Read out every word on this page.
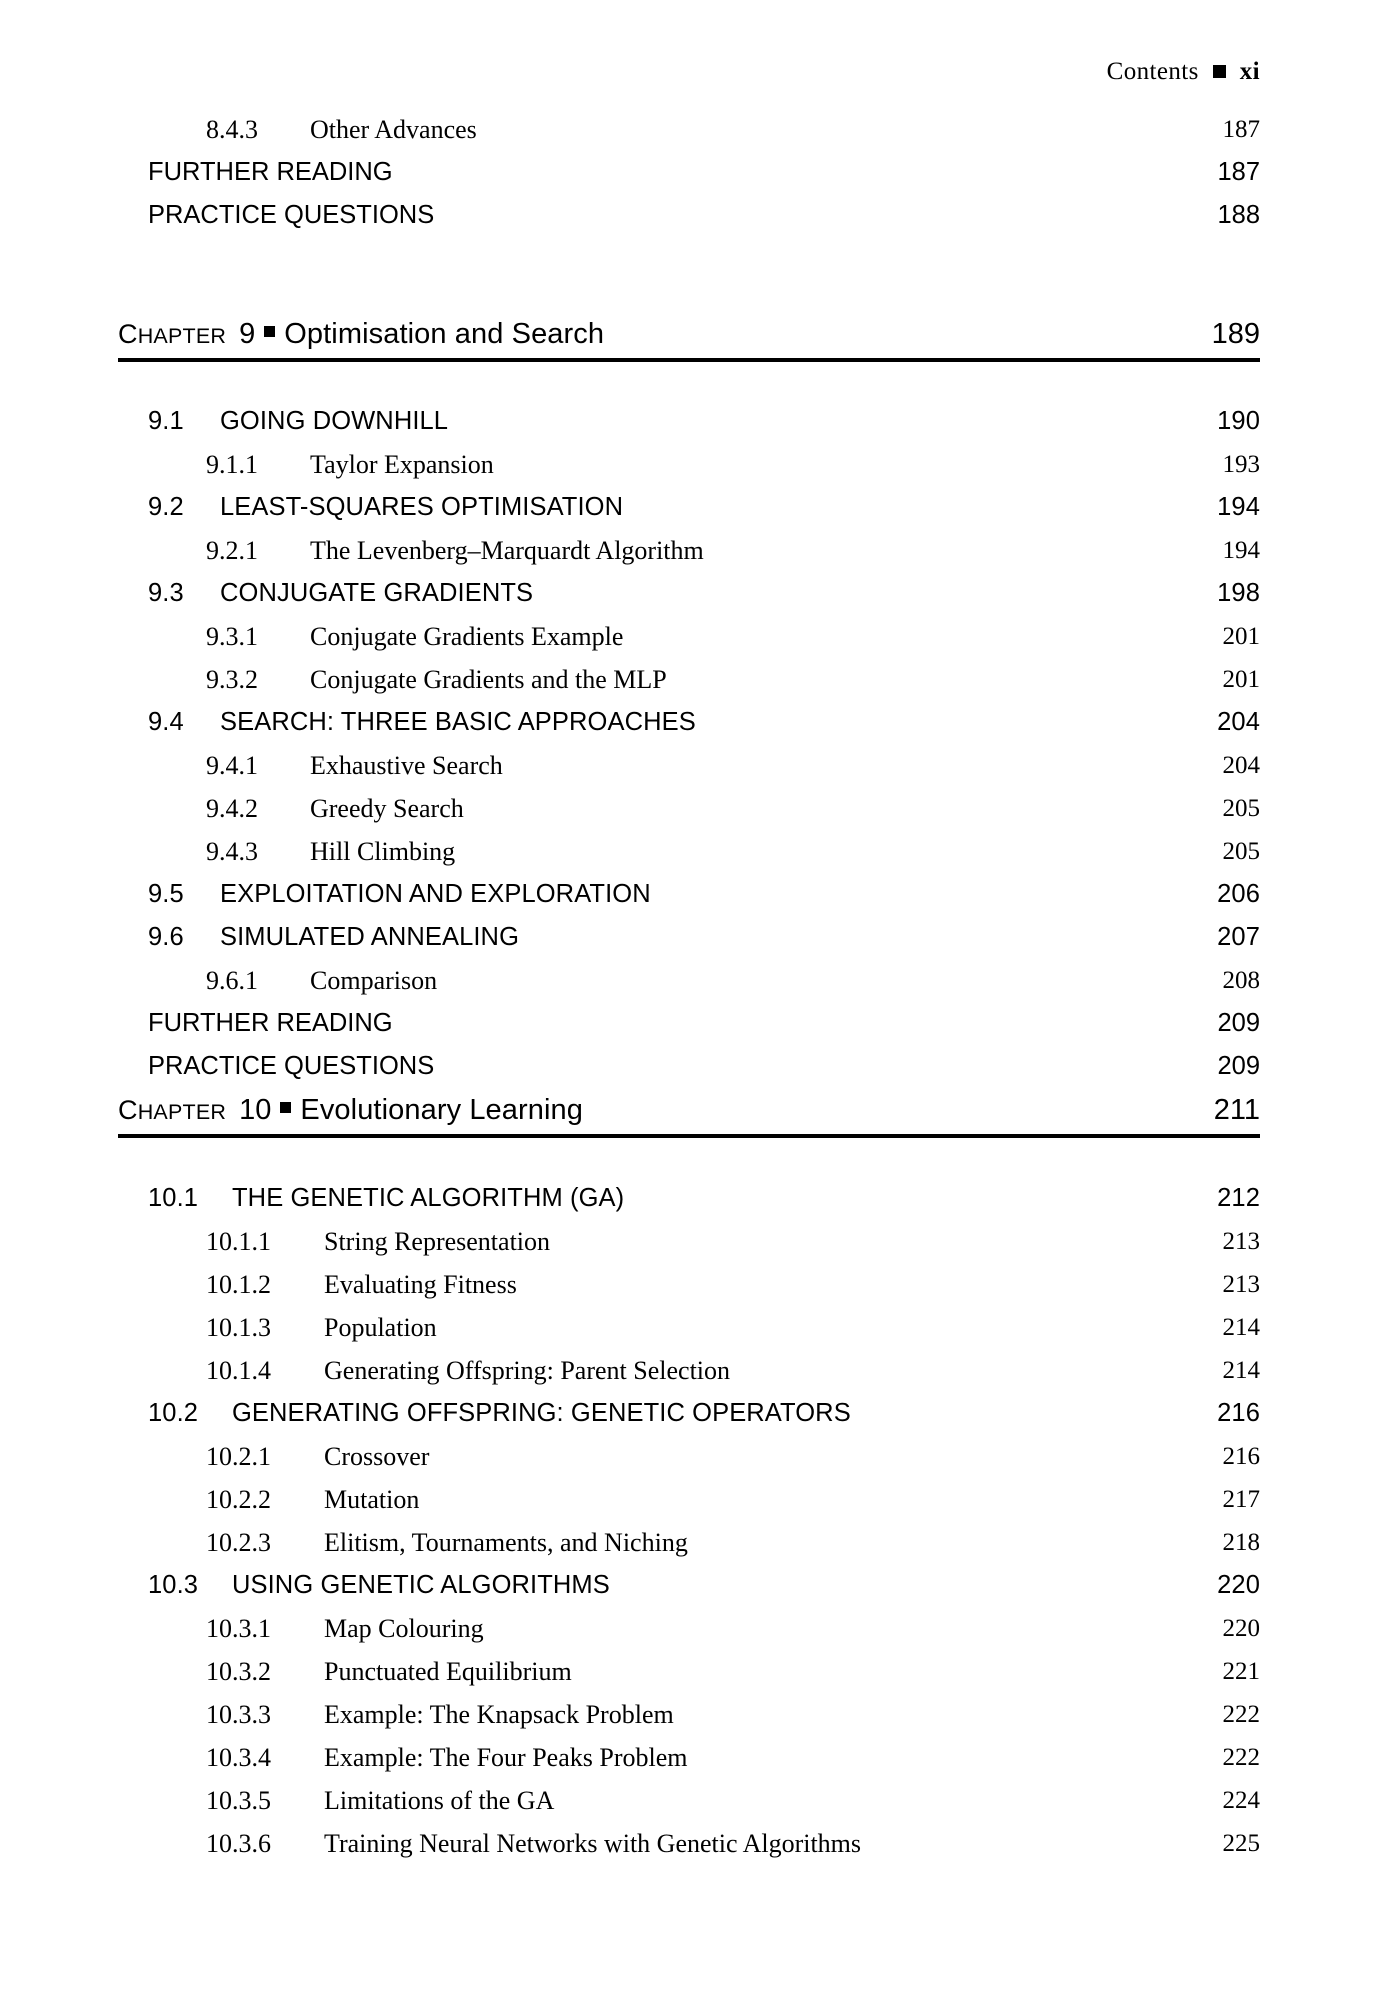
Contents xi
8.4.3	Other Advances	187
FURTHER READING	187
PRACTICE QUESTIONS	188
CHAPTER 9 Optimisation and Search	189
9.1	GOING DOWNHILL	190
9.1.1	Taylor Expansion	193
9.2	LEAST-SQUARES OPTIMISATION	194
9.2.1	The Levenberg–Marquardt Algorithm	194
9.3	CONJUGATE GRADIENTS	198
9.3.1	Conjugate Gradients Example	201
9.3.2	Conjugate Gradients and the MLP	201
9.4	SEARCH: THREE BASIC APPROACHES	204
9.4.1	Exhaustive Search	204
9.4.2	Greedy Search	205
9.4.3	Hill Climbing	205
9.5	EXPLOITATION AND EXPLORATION	206
9.6	SIMULATED ANNEALING	207
9.6.1	Comparison	208
FURTHER READING	209
PRACTICE QUESTIONS	209
CHAPTER 10 Evolutionary Learning	211
10.1	THE GENETIC ALGORITHM (GA)	212
10.1.1	String Representation	213
10.1.2	Evaluating Fitness	213
10.1.3	Population	214
10.1.4	Generating Offspring: Parent Selection	214
10.2	GENERATING OFFSPRING: GENETIC OPERATORS	216
10.2.1	Crossover	216
10.2.2	Mutation	217
10.2.3	Elitism, Tournaments, and Niching	218
10.3	USING GENETIC ALGORITHMS	220
10.3.1	Map Colouring	220
10.3.2	Punctuated Equilibrium	221
10.3.3	Example: The Knapsack Problem	222
10.3.4	Example: The Four Peaks Problem	222
10.3.5	Limitations of the GA	224
10.3.6	Training Neural Networks with Genetic Algorithms	225
